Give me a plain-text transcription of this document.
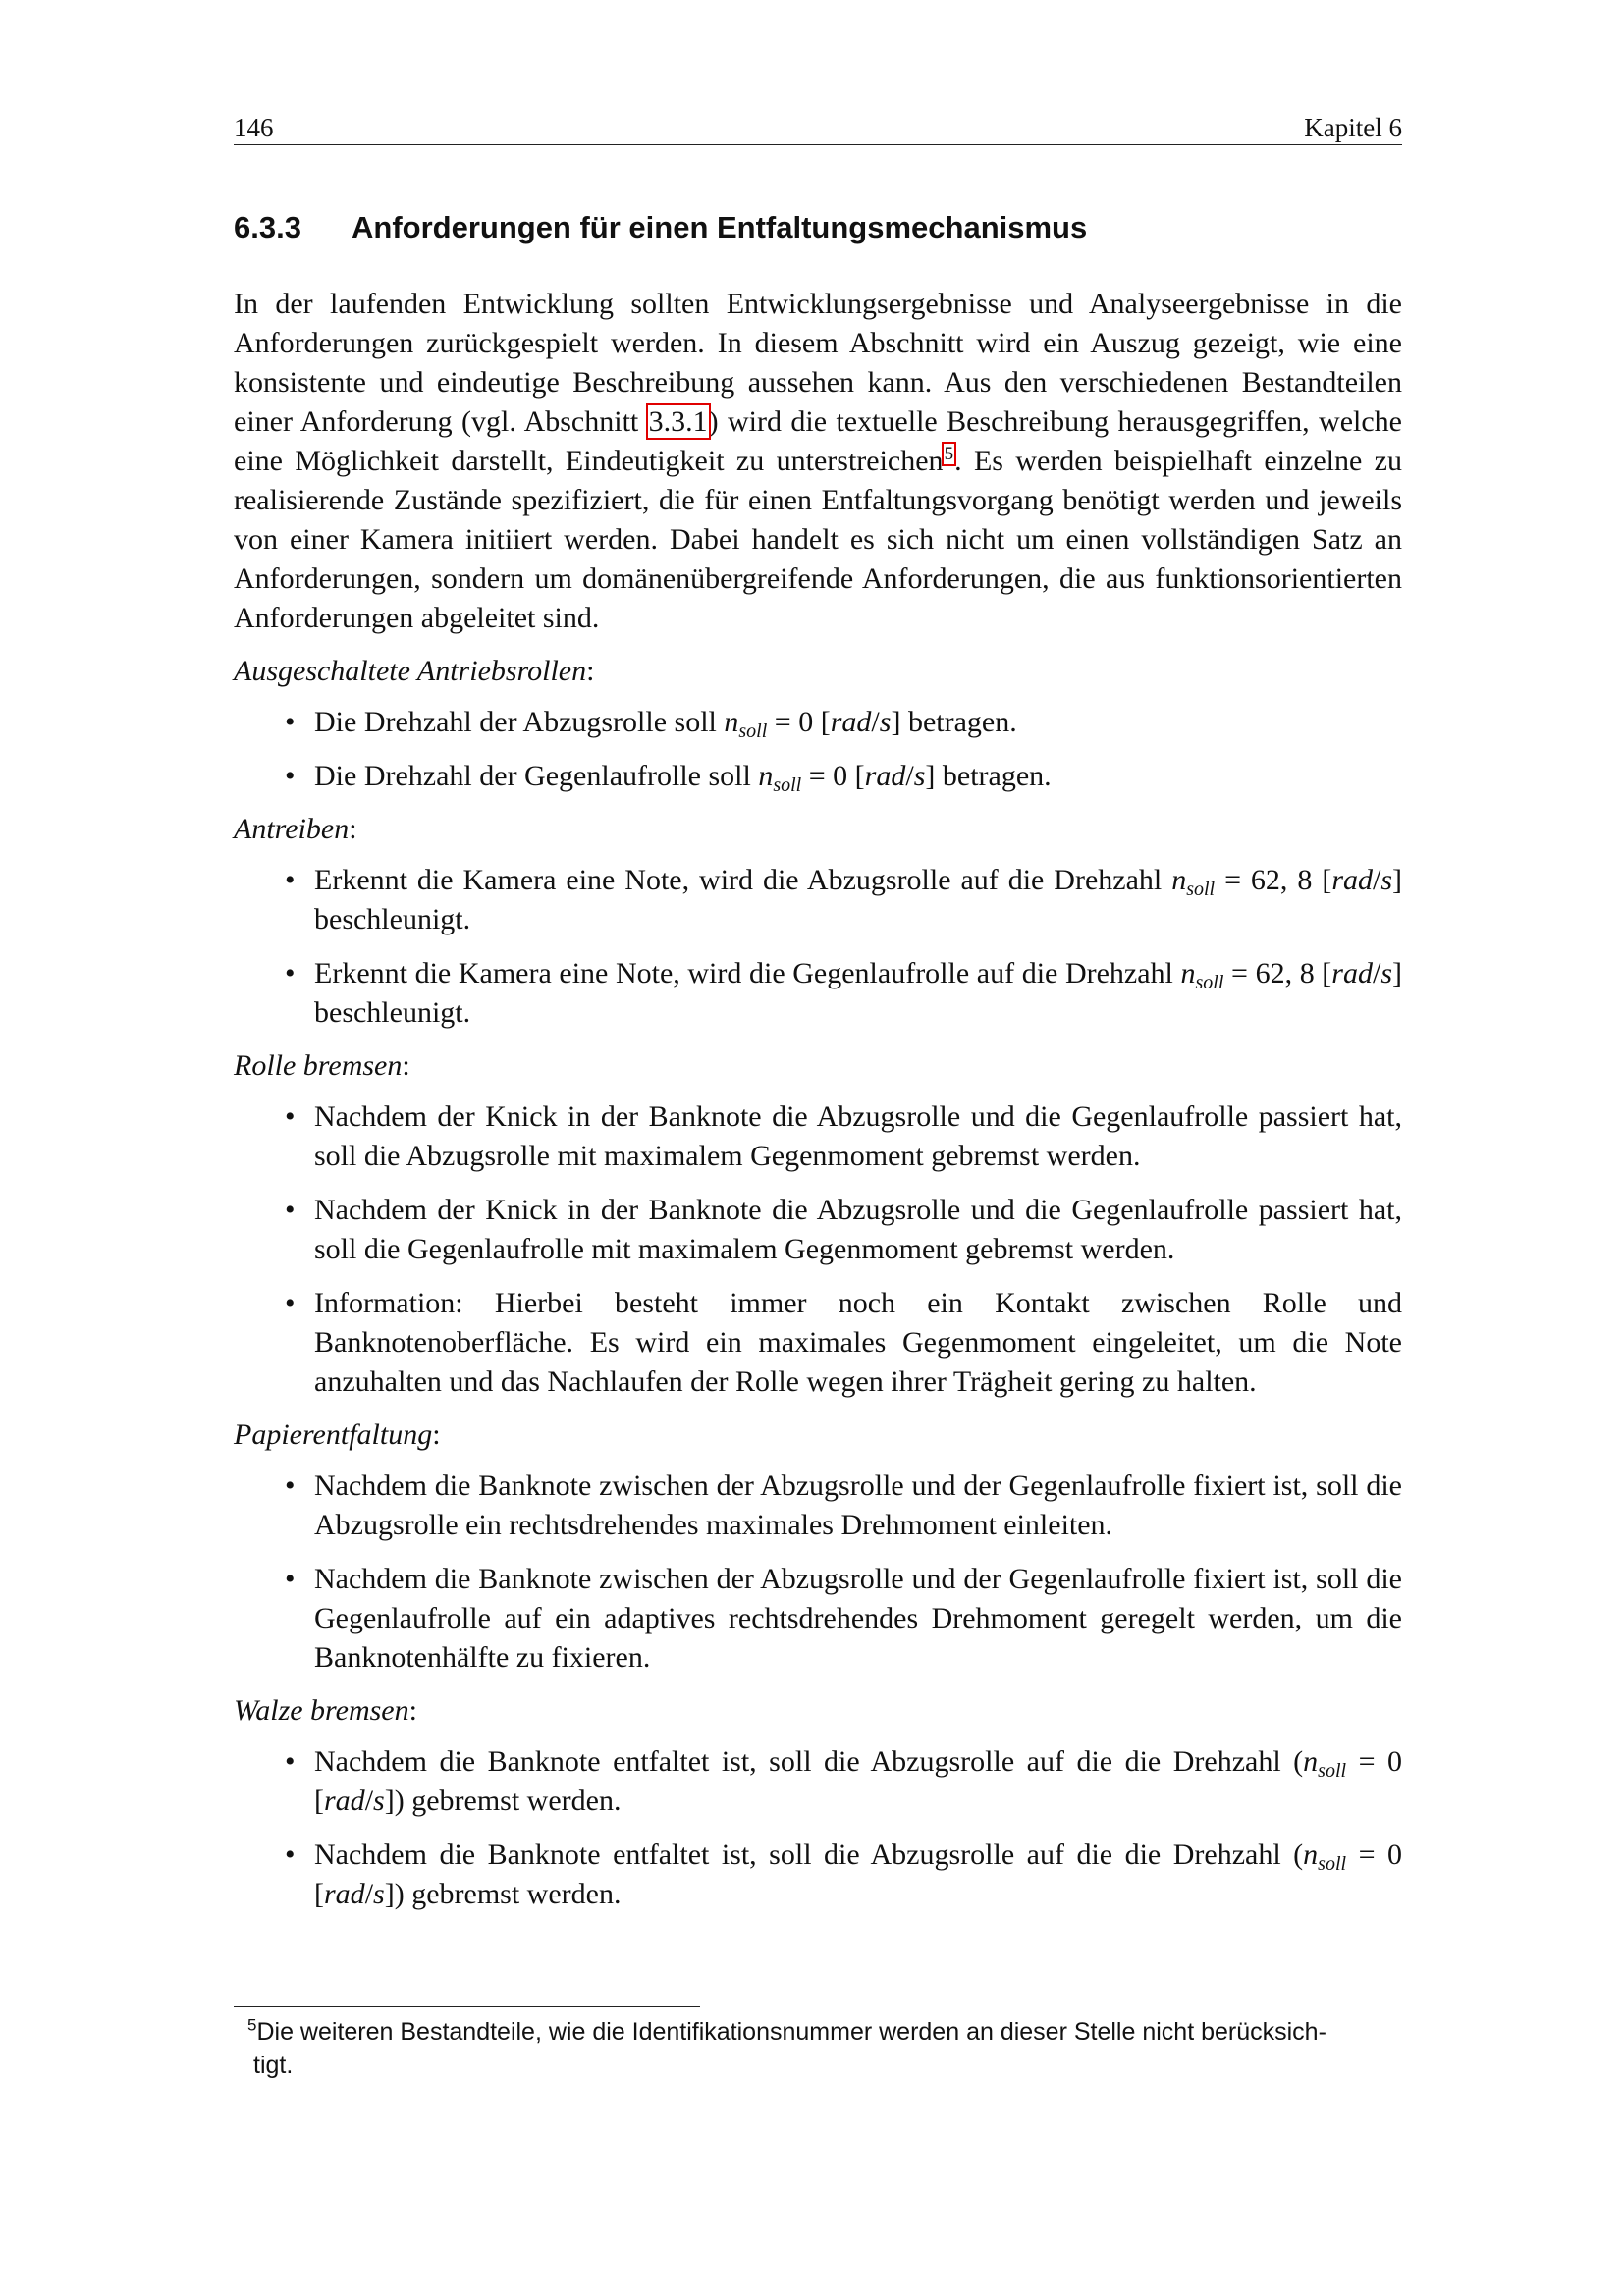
146	Kapitel 6
6.3.3 Anforderungen für einen Entfaltungsmechanismus

In der laufenden Entwicklung sollten Entwicklungsergebnisse und Analyseergebnisse in die Anforderungen zurückgespielt werden. In diesem Abschnitt wird ein Auszug gezeigt, wie eine konsistente und eindeutige Beschreibung aussehen kann. Aus den verschiedenen Bestandteilen einer Anforderung (vgl. Abschnitt 3.3.1) wird die textuelle Beschreibung herausgegriffen, welche eine Möglichkeit darstellt, Eindeutigkeit zu unterstreichen$^5$. Es werden beispielhaft einzelne zu realisierende Zustände spezifiziert, die für einen Entfaltungsvorgang benötigt werden und jeweils von einer Kamera initiiert werden. Dabei handelt es sich nicht um einen vollständigen Satz an Anforderungen, sondern um domänenübergreifende Anforderungen, die aus funktionsorientierten Anforderungen abgeleitet sind.

Ausgeschaltete Antriebsrollen:
• Die Drehzahl der Abzugsrolle soll $n_{soll} = 0$ [rad/s] betragen.
• Die Drehzahl der Gegenlaufrolle soll $n_{soll} = 0$ [rad/s] betragen.
Antreiben:
• Erkennt die Kamera eine Note, wird die Abzugsrolle auf die Drehzahl $n_{soll} = 62$, 8 [rad/s] beschleunigt.
• Erkennt die Kamera eine Note, wird die Gegenlaufrolle auf die Drehzahl $n_{soll} = 62$, 8 [rad/s] beschleunigt.
Rolle bremsen:
• Nachdem der Knick in der Banknote die Abzugsrolle und die Gegenlaufrolle passiert hat, soll die Abzugsrolle mit maximalem Gegenmoment gebremst werden.
• Nachdem der Knick in der Banknote die Abzugsrolle und die Gegenlaufrolle passiert hat, soll die Gegenlaufrolle mit maximalem Gegenmoment gebremst werden.
• Information: Hierbei besteht immer noch ein Kontakt zwischen Rolle und Banknotenoberfläche. Es wird ein maximales Gegenmoment eingeleitet, um die Note anzuhalten und das Nachlaufen der Rolle wegen ihrer Trägheit gering zu halten.
Papierentfaltung:
• Nachdem die Banknote zwischen der Abzugsrolle und der Gegenlaufrolle fixiert ist, soll die Abzugsrolle ein rechtsdrehendes maximales Drehmoment einleiten.
• Nachdem die Banknote zwischen der Abzugsrolle und der Gegenlaufrolle fixiert ist, soll die Gegenlaufrolle auf ein adaptives rechtsdrehendes Drehmoment geregelt werden, um die Banknotenhälfte zu fixieren.
Walze bremsen:
• Nachdem die Banknote entfaltet ist, soll die Abzugsrolle auf die die Drehzahl ($n_{soll} = 0$ [rad/s]) gebremst werden.
• Nachdem die Banknote entfaltet ist, soll die Abzugsrolle auf die die Drehzahl ($n_{soll} = 0$ [rad/s]) gebremst werden.
$^5$Die weiteren Bestandteile, wie die Identifikationsnummer werden an dieser Stelle nicht berücksich-
tigt.
